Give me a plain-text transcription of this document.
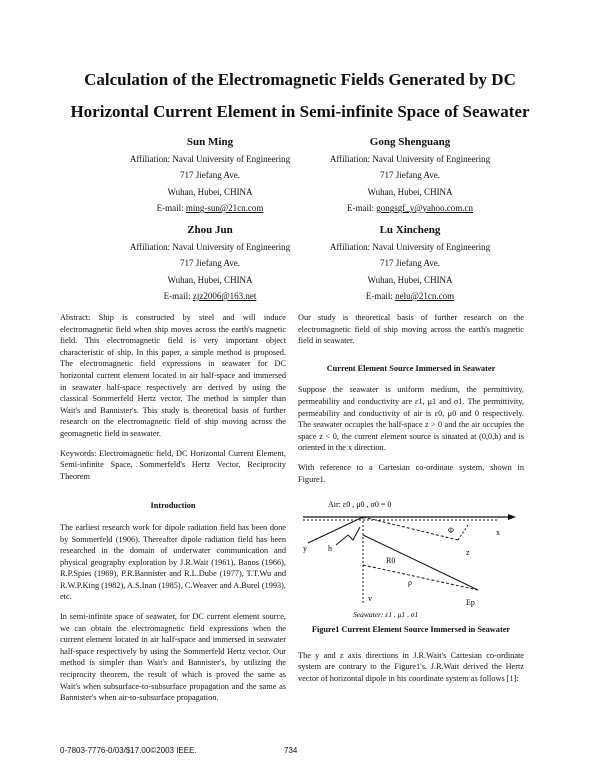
Calculation of the Electromagnetic Fields Generated by DC
Horizontal Current Element in Semi-infinite Space of Seawater
Sun Ming
Affiliation: Naval University of Engineering
717 Jiefang Ave.
Wuhan, Hubei, CHINA
E-mail: ming-sun@21cn.com
Gong Shenguang
Affiliation: Naval University of Engineering
717 Jiefang Ave.
Wuhan, Hubei, CHINA
E-mail: gongsgf_y@yahoo.com.cn
Zhou Jun
Affiliation: Naval University of Engineering
717 Jiefang Ave.
Wuhan, Hubei, CHINA
E-mail: zjz2006@163.net
Lu Xincheng
Affiliation: Naval University of Engineering
717 Jiefang Ave.
Wuhan, Hubei, CHINA
E-mail: nelu@21cn.com

Abstract: Ship is constructed by steel and will induce electromagnetic field when ship moves across the earth's magnetic field. This electromagnetic field is very important object characteristic of ship. In this paper, a simple method is proposed. The electromagnetic field expressions in seawater for DC horizontal current element located in air half-space and immersed in seawater half-space respectively are derived by using the classical Sommerfeld Hertz vector. The method is simpler than Wait's and Bannister's. This study is theoretical basis of further research on the electromagnetic field of ship moving across the geomagnetic field in seawater.

Keywords: Electromagnetic field, DC Horizontal Current Element, Semi-infinite Space, Sommerfeld's Hertz Vector, Reciprocity Theorem

Introduction

The earliest research work for dipole radiation field has been done by Sommerfeld (1906). Thereafter dipole radiation field has been researched in the domain of underwater communication and physical geography exploration by J.R.Wait (1961), Banos (1966), R.P.Spies (1969), P.R.Bannister and R.L.Dube (1977), T.T.Wu and R.W.P.King (1982), A.S.Inan (1985), C.Weaver and A.Burel (1993), etc.

In semi-infinite space of seawater, for DC current element source, we can obtain the electromagnetic field expressions when the current element located in air half-space and immersed in seawater half-space respectively by using the Sommerfeld Hertz vector. Our method is simpler than Wait's and Bannister's, by utilizing the reciprocity theorem, the result of which is proved the same as Wait's when subsurface-to-subsurface propagation and the same as Bannister's when air-to-subsurface propagation.

Our study is theoretical basis of further research on the electromagnetic field of ship moving across the earth's magnetic field in seawater.

Current Element Source Immersed in Seawater

Suppose the seawater is uniform medium, the permittivity, permeability and conductivity are ε1, μ1 and σ1. The permittivity, permeability and conductivity of air is ε0, μ0 and 0 respectively. The seawater occupies the half-space z > 0 and the air occupies the space z < 0, the current element source is situated at (0,0,h) and is oriented in the x direction.

With reference to a Cartesian co-ordinate system, shown in Figure1.

Air: ε0 , μ0 , σ0 = 0
x
y	h
v
Φ
R0
ρ
z
Ep
Seawater: ε1 , μ1 , σ1
Figure1 Current Element Source Immersed in Seawater

The y and z axis directions in J.R.Wait's Cartesian co-ordinate system are contrary to the Figure1's. J.R.Wait derived the Hertz vector of horizontal dipole in his coordinate system as follows [1]:

0-7803-7776-0/03/$17.00©2003 IEEE.	734
